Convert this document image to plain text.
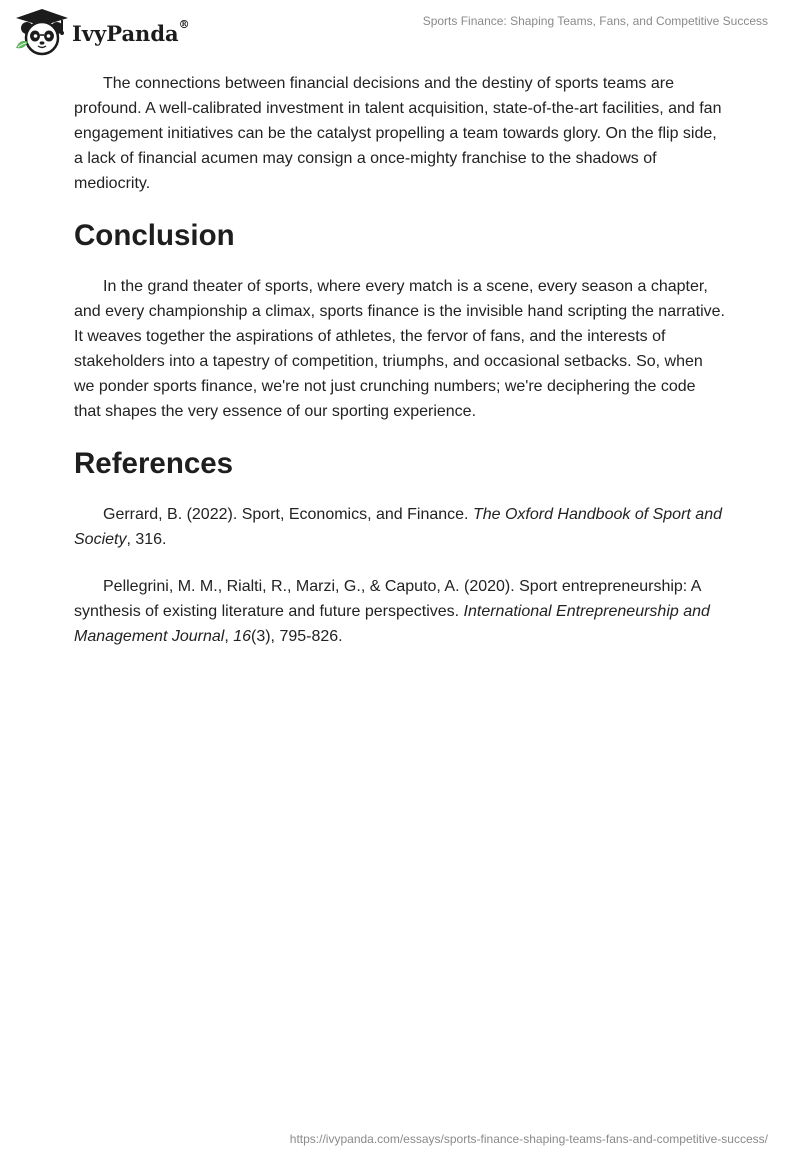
IvyPanda®	Sports Finance: Shaping Teams, Fans, and Competitive Success

The connections between financial decisions and the destiny of sports teams are profound. A well-calibrated investment in talent acquisition, state-of-the-art facilities, and fan engagement initiatives can be the catalyst propelling a team towards glory. On the flip side, a lack of financial acumen may consign a once-mighty franchise to the shadows of mediocrity.

Conclusion

In the grand theater of sports, where every match is a scene, every season a chapter, and every championship a climax, sports finance is the invisible hand scripting the narrative. It weaves together the aspirations of athletes, the fervor of fans, and the interests of stakeholders into a tapestry of competition, triumphs, and occasional setbacks. So, when we ponder sports finance, we're not just crunching numbers; we're deciphering the code that shapes the very essence of our sporting experience.

References

Gerrard, B. (2022). Sport, Economics, and Finance. The Oxford Handbook of Sport and Society, 316.

Pellegrini, M. M., Rialti, R., Marzi, G., & Caputo, A. (2020). Sport entrepreneurship: A synthesis of existing literature and future perspectives. International Entrepreneurship and Management Journal, 16(3), 795-826.

https://ivypanda.com/essays/sports-finance-shaping-teams-fans-and-competitive-success/
